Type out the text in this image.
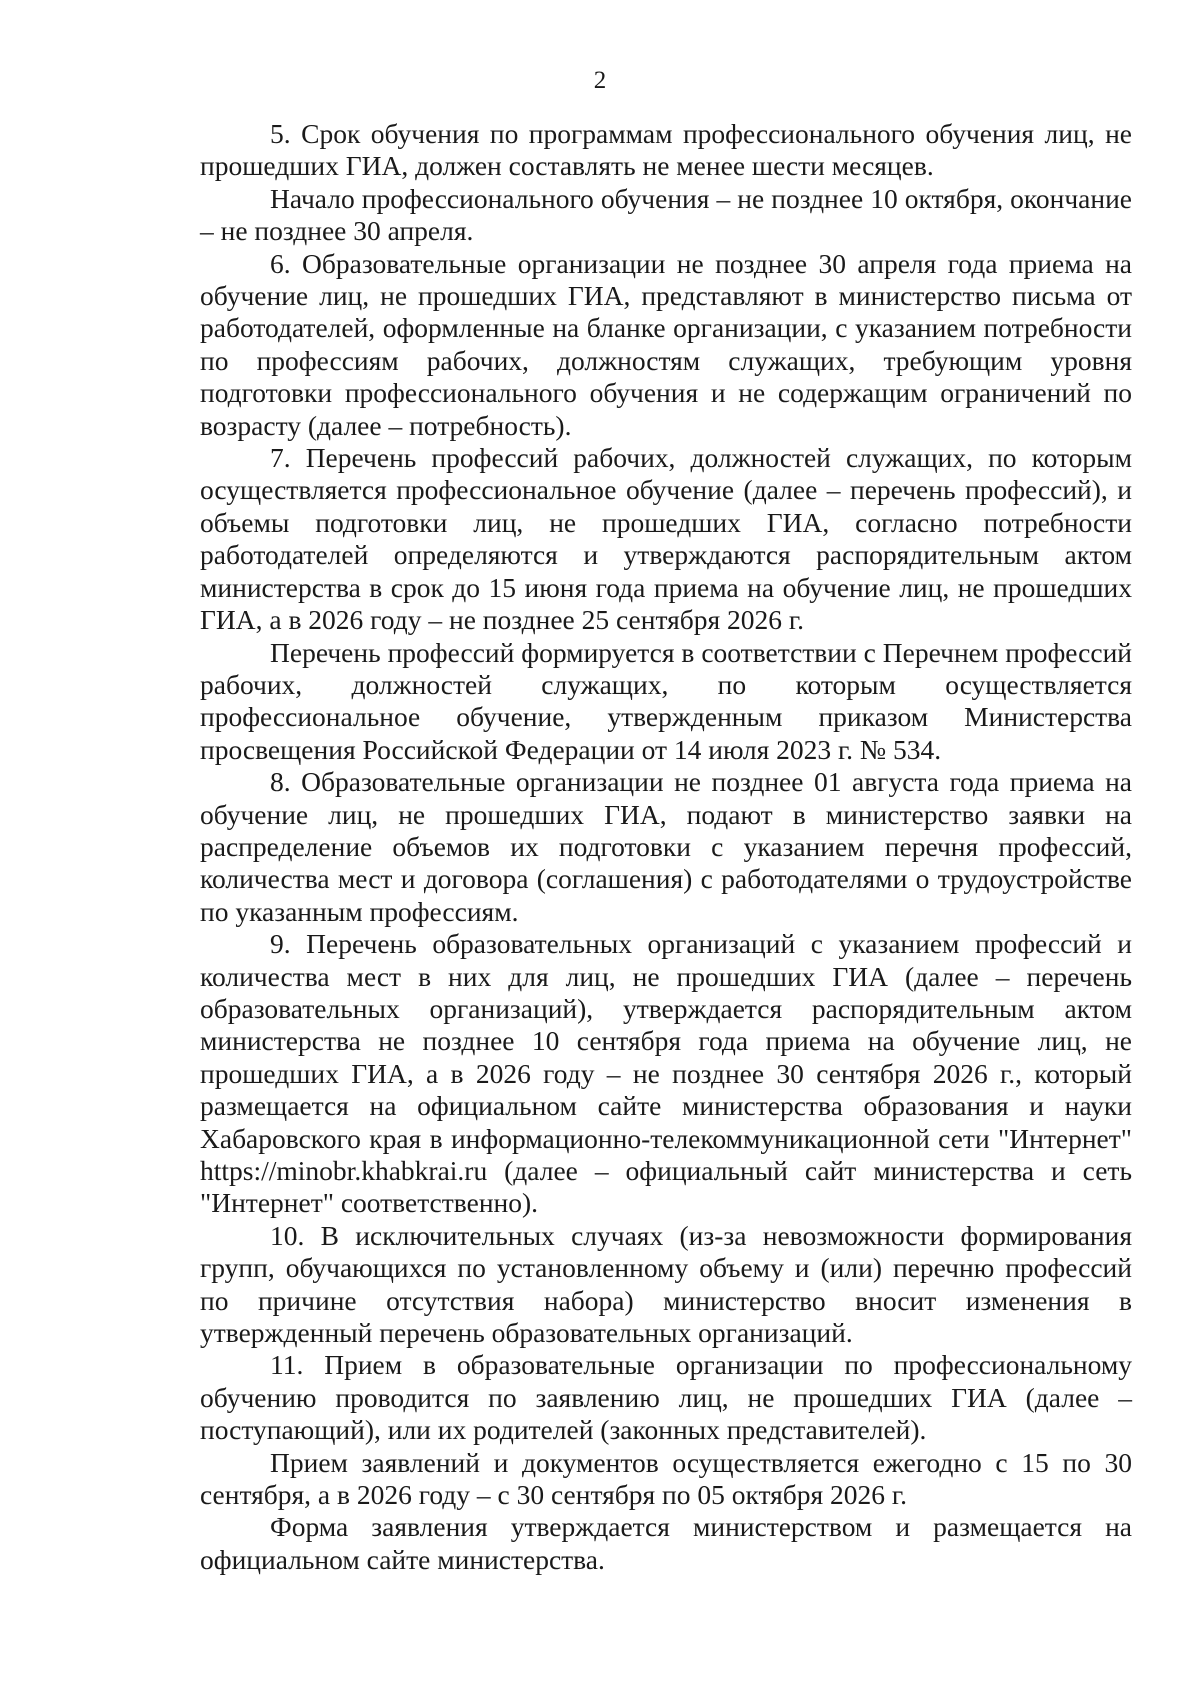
2

5. Срок обучения по программам профессионального обучения лиц, не прошедших ГИА, должен составлять не менее шести месяцев.

Начало профессионального обучения – не позднее 10 октября, окончание – не позднее 30 апреля.

6. Образовательные организации не позднее 30 апреля года приема на обучение лиц, не прошедших ГИА, представляют в министерство письма от работодателей, оформленные на бланке организации, с указанием потребности по профессиям рабочих, должностям служащих, требующим уровня подготовки профессионального обучения и не содержащим ограничений по возрасту (далее – потребность).

7. Перечень профессий рабочих, должностей служащих, по которым осуществляется профессиональное обучение (далее – перечень профессий), и объемы подготовки лиц, не прошедших ГИА, согласно потребности работодателей определяются и утверждаются распорядительным актом министерства в срок до 15 июня года приема на обучение лиц, не прошедших ГИА, а в 2026 году – не позднее 25 сентября 2026 г.

Перечень профессий формируется в соответствии с Перечнем профессий рабочих, должностей служащих, по которым осуществляется профессиональное обучение, утвержденным приказом Министерства просвещения Российской Федерации от 14 июля 2023 г. № 534.

8. Образовательные организации не позднее 01 августа года приема на обучение лиц, не прошедших ГИА, подают в министерство заявки на распределение объемов их подготовки с указанием перечня профессий, количества мест и договора (соглашения) с работодателями о трудоустройстве по указанным профессиям.

9. Перечень образовательных организаций с указанием профессий и количества мест в них для лиц, не прошедших ГИА (далее – перечень образовательных организаций), утверждается распорядительным актом министерства не позднее 10 сентября года приема на обучение лиц, не прошедших ГИА, а в 2026 году – не позднее 30 сентября 2026 г., который размещается на официальном сайте министерства образования и науки Хабаровского края в информационно-телекоммуникационной сети "Интернет" https://minobr.khabkrai.ru (далее – официальный сайт министерства и сеть "Интернет" соответственно).

10. В исключительных случаях (из-за невозможности формирования групп, обучающихся по установленному объему и (или) перечню профессий по причине отсутствия набора) министерство вносит изменения в утвержденный перечень образовательных организаций.

11. Прием в образовательные организации по профессиональному обучению проводится по заявлению лиц, не прошедших ГИА (далее – поступающий), или их родителей (законных представителей).

Прием заявлений и документов осуществляется ежегодно с 15 по 30 сентября, а в 2026 году – с 30 сентября по 05 октября 2026 г.

Форма заявления утверждается министерством и размещается на официальном сайте министерства.
